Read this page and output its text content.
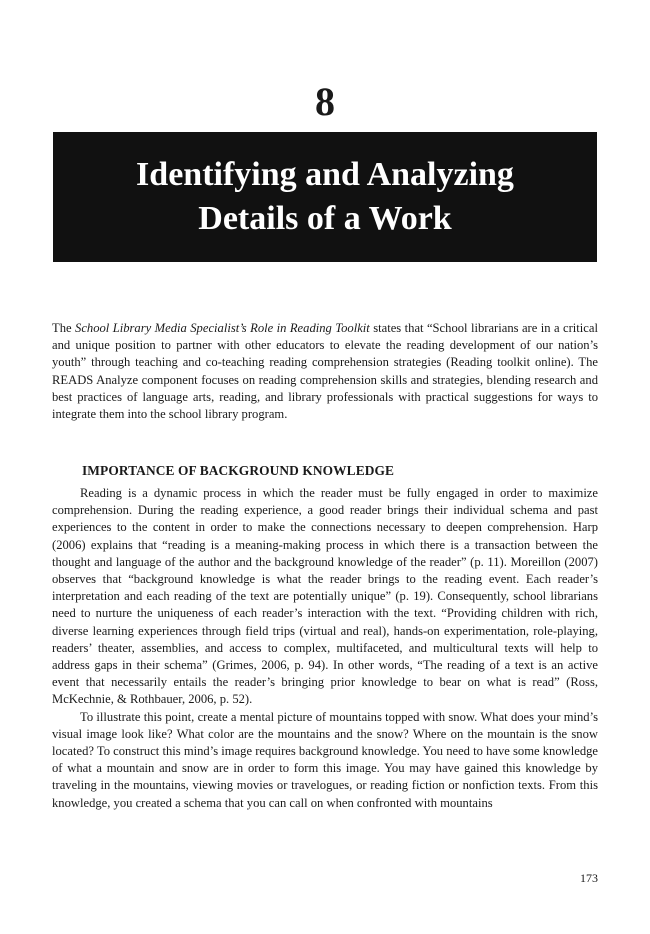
8
Identifying and Analyzing
Details of a Work

The School Library Media Specialist’s Role in Reading Toolkit states that “School librarians are in a critical and unique position to partner with other educators to elevate the reading development of our nation’s youth” through teaching and co-teaching reading comprehension strategies (Reading toolkit online). The READS Analyze component focuses on reading comprehension skills and strategies, blending research and best practices of language arts, reading, and library professionals with practical suggestions for ways to integrate them into the school library program.

IMPORTANCE OF BACKGROUND KNOWLEDGE

Reading is a dynamic process in which the reader must be fully engaged in order to maximize comprehension. During the reading experience, a good reader brings their individual schema and past experiences to the content in order to make the connections necessary to deepen comprehension. Harp (2006) explains that “reading is a meaning-making process in which there is a transaction between the thought and language of the author and the background knowledge of the reader” (p. 11). Moreillon (2007) observes that “background knowledge is what the reader brings to the reading event. Each reader’s interpretation and each reading of the text are potentially unique” (p. 19). Consequently, school librarians need to nurture the uniqueness of each reader’s interaction with the text. “Providing children with rich, diverse learning experiences through field trips (virtual and real), hands-on experimentation, role-playing, readers’ theater, assemblies, and access to complex, multifaceted, and multicultural texts will help to address gaps in their schema” (Grimes, 2006, p. 94). In other words, “The reading of a text is an active event that necessarily entails the reader’s bringing prior knowledge to bear on what is read” (Ross, McKechnie, & Rothbauer, 2006, p. 52).

To illustrate this point, create a mental picture of mountains topped with snow. What does your mind’s visual image look like? What color are the mountains and the snow? Where on the mountain is the snow located? To construct this mind’s image requires background knowledge. You need to have some knowledge of what a mountain and snow are in order to form this image. You may have gained this knowledge by traveling in the mountains, viewing movies or travelogues, or reading fiction or nonfiction texts. From this knowledge, you created a schema that you can call on when confronted with mountains

173
